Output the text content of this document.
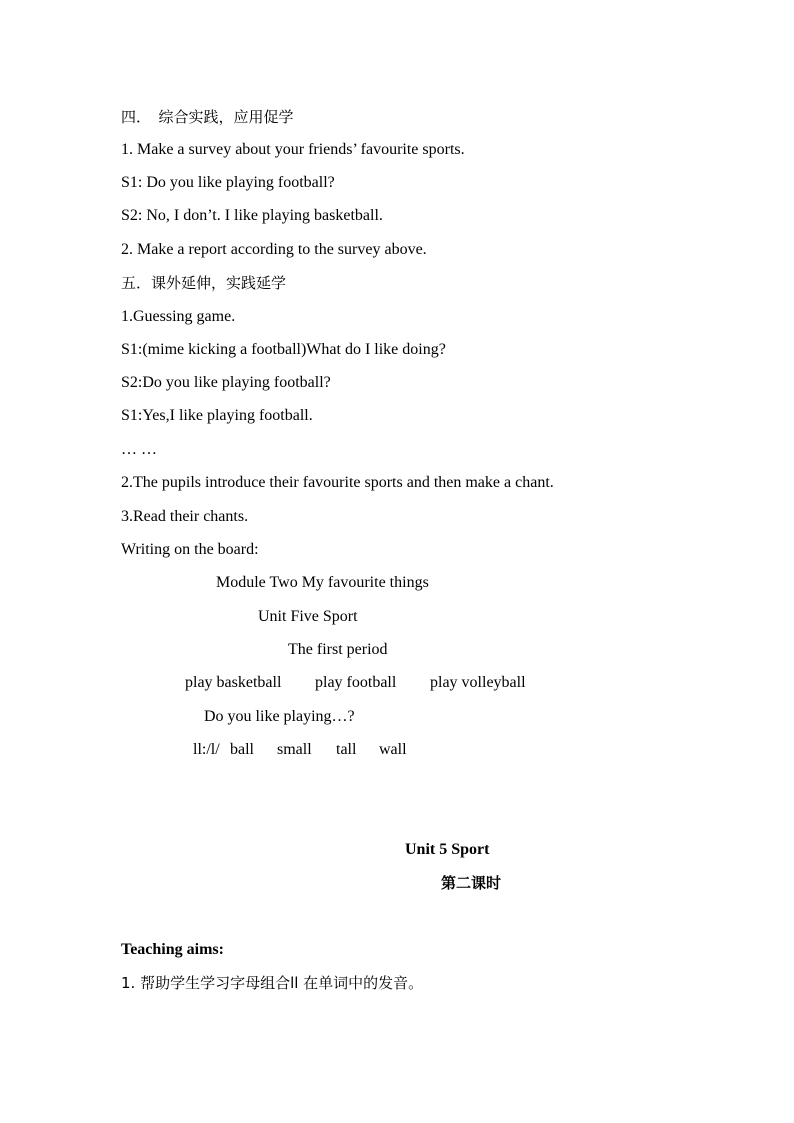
四．　综合实践，应用促学
1. Make a survey about your friends’ favourite sports.
S1: Do you like playing football?
S2: No, I don’t. I like playing basketball.
2. Make a report according to the survey above.
五．课外延伸，实践延学
1.Guessing game.
S1:(mime kicking a football)What do I like doing?
S2:Do you like playing football?
S1:Yes,I like playing football.
… …
2.The pupils introduce their favourite sports and then make a chant.
3.Read their chants.
Writing on the board:
Module Two My favourite things
Unit Five Sport
The first period
play basketball play football play volleyball
Do you like playing…?
ll:/l/ ball small tall wall
Unit 5 Sport
第二课时
Teaching aims:
1. 帮助学生学习字母组合ll 在单词中的发音。
